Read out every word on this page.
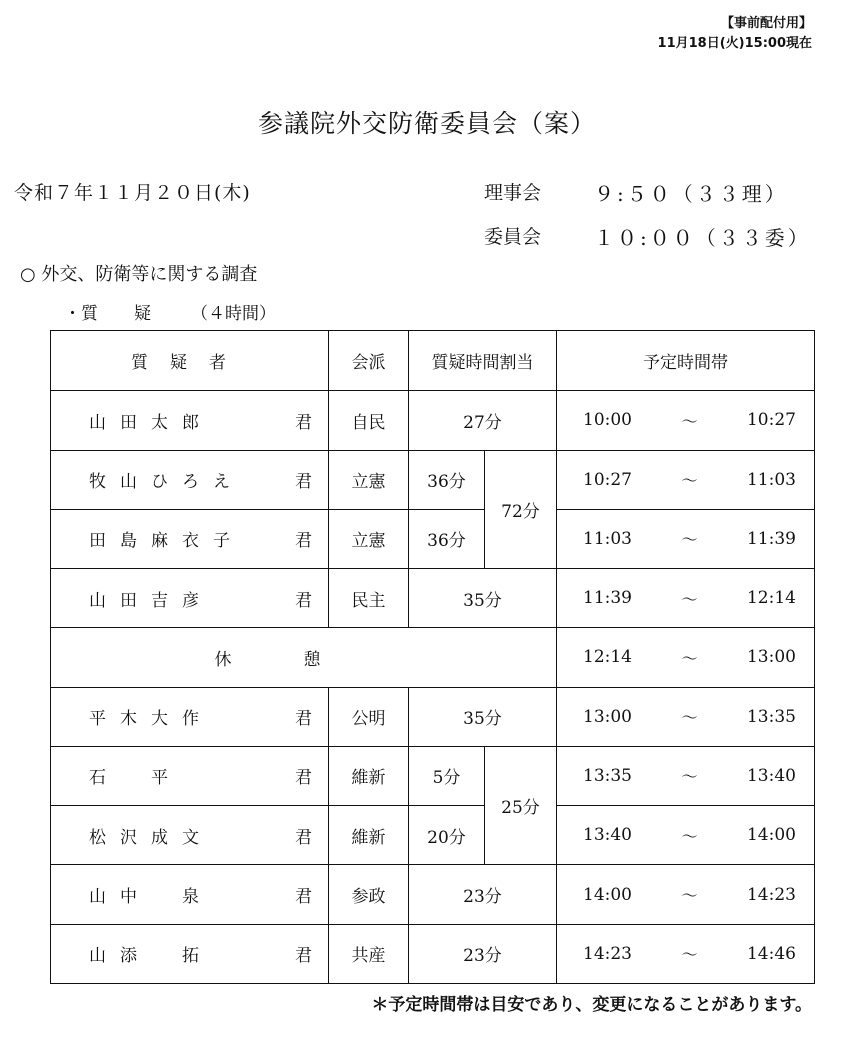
【事前配付用】
11月18日(火)15:00現在
参議院外交防衛委員会（案）
令和７年１１月２０日(木)	理事会	９:５０（３３理）
委員会	１０:００（３３委）
○ 外交、防衛等に関する調査
・質 疑 （４時間）
質疑者	会派	質疑時間割当		予定時間帯

山田太郎 君	自民	27分		10:00 〜 10:27

牧山ひろえ 君	立憲	36分	72分	10:27 〜 11:03

田島麻衣子 君	立憲	36分		11:03 〜 11:39

山田吉彦 君	民主	35分		11:39 〜 12:14

休憩				12:14 〜 13:00

平木大作 君	公明	35分		13:00 〜 13:35

石　平 君	維新	5分	25分	13:35 〜 13:40

松沢成文 君	維新	20分		13:40 〜 14:00

山中　泉 君	参政	23分		14:00 〜 14:23

山添　拓 君	共産	23分		14:23 〜 14:46
＊予定時間帯は目安であり、変更になることがあります。
